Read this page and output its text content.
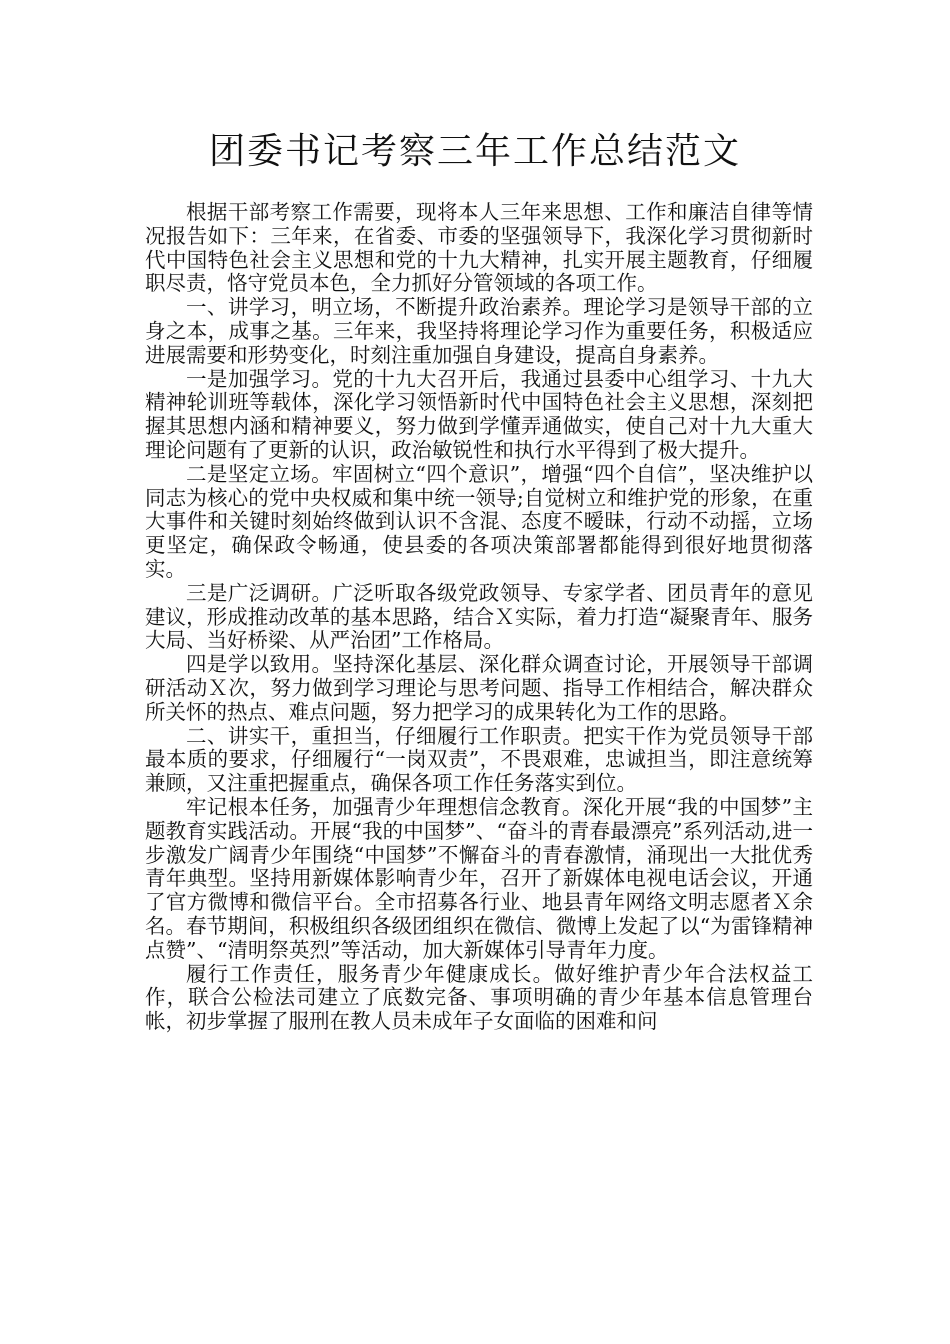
团委书记考察三年工作总结范文

根据干部考察工作需要，现将本人三年来思想、工作和廉洁自律等情况报告如下：三年来，在省委、市委的坚强领导下，我深化学习贯彻新时代中国特色社会主义思想和党的十九大精神，扎实开展主题教育，仔细履职尽责，恪守党员本色，全力抓好分管领域的各项工作。

一、讲学习，明立场，不断提升政治素养。理论学习是领导干部的立身之本，成事之基。三年来，我坚持将理论学习作为重要任务，积极适应进展需要和形势变化，时刻注重加强自身建设，提高自身素养。

一是加强学习。党的十九大召开后，我通过县委中心组学习、十九大精神轮训班等载体，深化学习领悟新时代中国特色社会主义思想，深刻把握其思想内涵和精神要义，努力做到学懂弄通做实，使自己对十九大重大理论问题有了更新的认识，政治敏锐性和执行水平得到了极大提升。

二是坚定立场。牢固树立“四个意识”，增强“四个自信”，坚决维护以同志为核心的党中央权威和集中统一领导;自觉树立和维护党的形象，在重大事件和关键时刻始终做到认识不含混、态度不暧昧，行动不动摇，立场更坚定，确保政令畅通，使县委的各项决策部署都能得到很好地贯彻落实。

三是广泛调研。广泛听取各级党政领导、专家学者、团员青年的意见建议，形成推动改革的基本思路，结合Ｘ实际，着力打造“凝聚青年、服务大局、当好桥梁、从严治团”工作格局。

四是学以致用。坚持深化基层、深化群众调查讨论，开展领导干部调研活动Ｘ次，努力做到学习理论与思考问题、指导工作相结合，解决群众所关怀的热点、难点问题，努力把学习的成果转化为工作的思路。

二、讲实干，重担当，仔细履行工作职责。把实干作为党员领导干部最本质的要求，仔细履行“一岗双责”，不畏艰难，忠诚担当，即注意统筹兼顾，又注重把握重点，确保各项工作任务落实到位。

牢记根本任务，加强青少年理想信念教育。深化开展“我的中国梦”主题教育实践活动。开展“我的中国梦”、“奋斗的青春最漂亮”系列活动,进一步激发广阔青少年围绕“中国梦”不懈奋斗的青春激情，涌现出一大批优秀青年典型。坚持用新媒体影响青少年，召开了新媒体电视电话会议，开通了官方微博和微信平台。全市招募各行业、地县青年网络文明志愿者Ｘ余名。春节期间，积极组织各级团组织在微信、微博上发起了以“为雷锋精神点赞”、“清明祭英烈”等活动，加大新媒体引导青年力度。

履行工作责任，服务青少年健康成长。做好维护青少年合法权益工作，联合公检法司建立了底数完备、事项明确的青少年基本信息管理台帐，初步掌握了服刑在教人员未成年子女面临的困难和问
